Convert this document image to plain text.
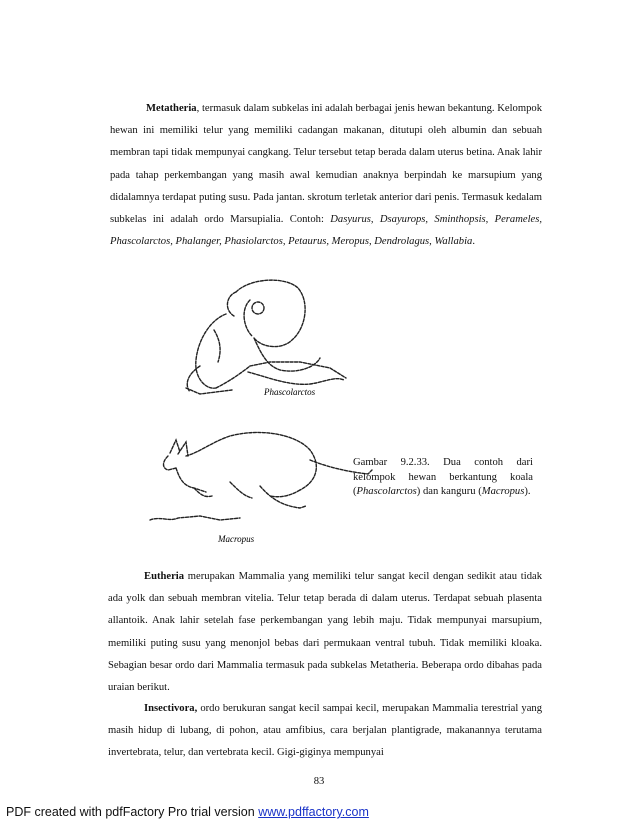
Metatheria, termasuk dalam subkelas ini adalah berbagai jenis hewan bekantung. Kelompok hewan ini memiliki telur yang memiliki cadangan makanan, ditutupi oleh albumin dan sebuah membran tapi tidak mempunyai cangkang. Telur tersebut tetap berada dalam uterus betina. Anak lahir pada tahap perkembangan yang masih awal kemudian anaknya berpindah ke marsupium yang didalamnya terdapat puting susu. Pada jantan. skrotum terletak anterior dari penis. Termasuk kedalam subkelas ini adalah ordo Marsupialia. Contoh: Dasyurus, Dsayurops, Sminthopsis, Perameles, Phascolarctos, Phalanger, Phasiolarctos, Petaurus, Meropus, Dendrolagus, Wallabia.
Phascolarctos
Macropus
Gambar 9.2.33. Dua contoh dari kelompok hewan berkantung koala (Phascolarctos) dan kanguru (Macropus).
Eutheria merupakan Mammalia yang memiliki telur sangat kecil dengan sedikit atau tidak ada yolk dan sebuah membran vitelia. Telur tetap berada di dalam uterus. Terdapat sebuah plasenta allantoik. Anak lahir setelah fase perkembangan yang lebih maju. Tidak mempunyai marsupium, memiliki puting susu yang menonjol bebas dari permukaan ventral tubuh. Tidak memiliki kloaka. Sebagian besar ordo dari Mammalia termasuk pada subkelas Metatheria. Beberapa ordo dibahas pada uraian berikut.
Insectivora, ordo berukuran sangat kecil sampai kecil, merupakan Mammalia terestrial yang masih hidup di lubang, di pohon, atau amfibius, cara berjalan plantigrade, makanannya terutama invertebrata, telur, dan vertebrata kecil. Gigi-giginya mempunyai
83
PDF created with pdfFactory Pro trial version www.pdffactory.com
